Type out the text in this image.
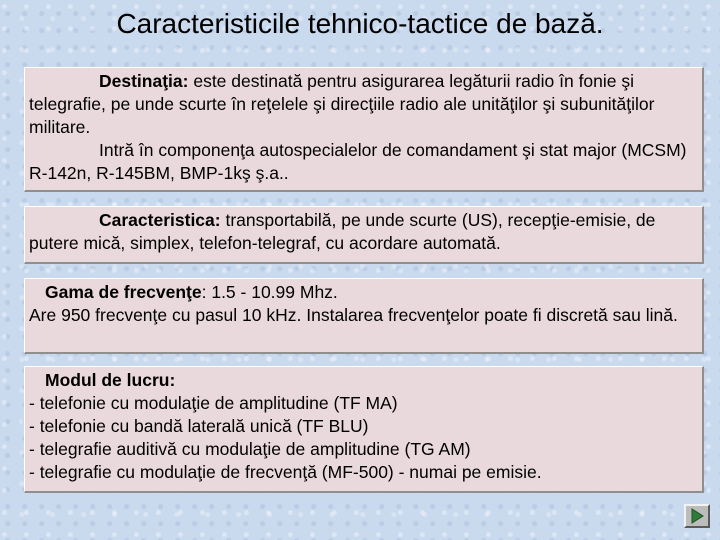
Caracteristicile tehnico-tactice de bază.

Destinaţia: este destinată pentru asigurarea legăturii radio în fonie şi telegrafie, pe unde scurte în reţelele şi direcţiile radio ale unităţilor şi subunităţilor militare.

Intră în componenţa autospecialelor de comandament şi stat major (MCSM) R-142n, R-145BM, BMP-1kş ş.a..

Caracteristica: transportabilă, pe unde scurte (US), recepţie-emisie, de putere mică, simplex, telefon-telegraf, cu acordare automată.

Gama de frecvenţe: 1.5 - 10.99 Mhz.

Are 950 frecvenţe cu pasul 10 kHz. Instalarea frecvenţelor poate fi discretă sau lină.

Modul de lucru:

- telefonie cu modulaţie de amplitudine (TF MA)

- telefonie cu bandă laterală unică (TF BLU)

- telegrafie auditivă cu modulaţie de amplitudine (TG AM)

- telegrafie cu modulaţie de frecvenţă (MF-500) - numai pe emisie.
